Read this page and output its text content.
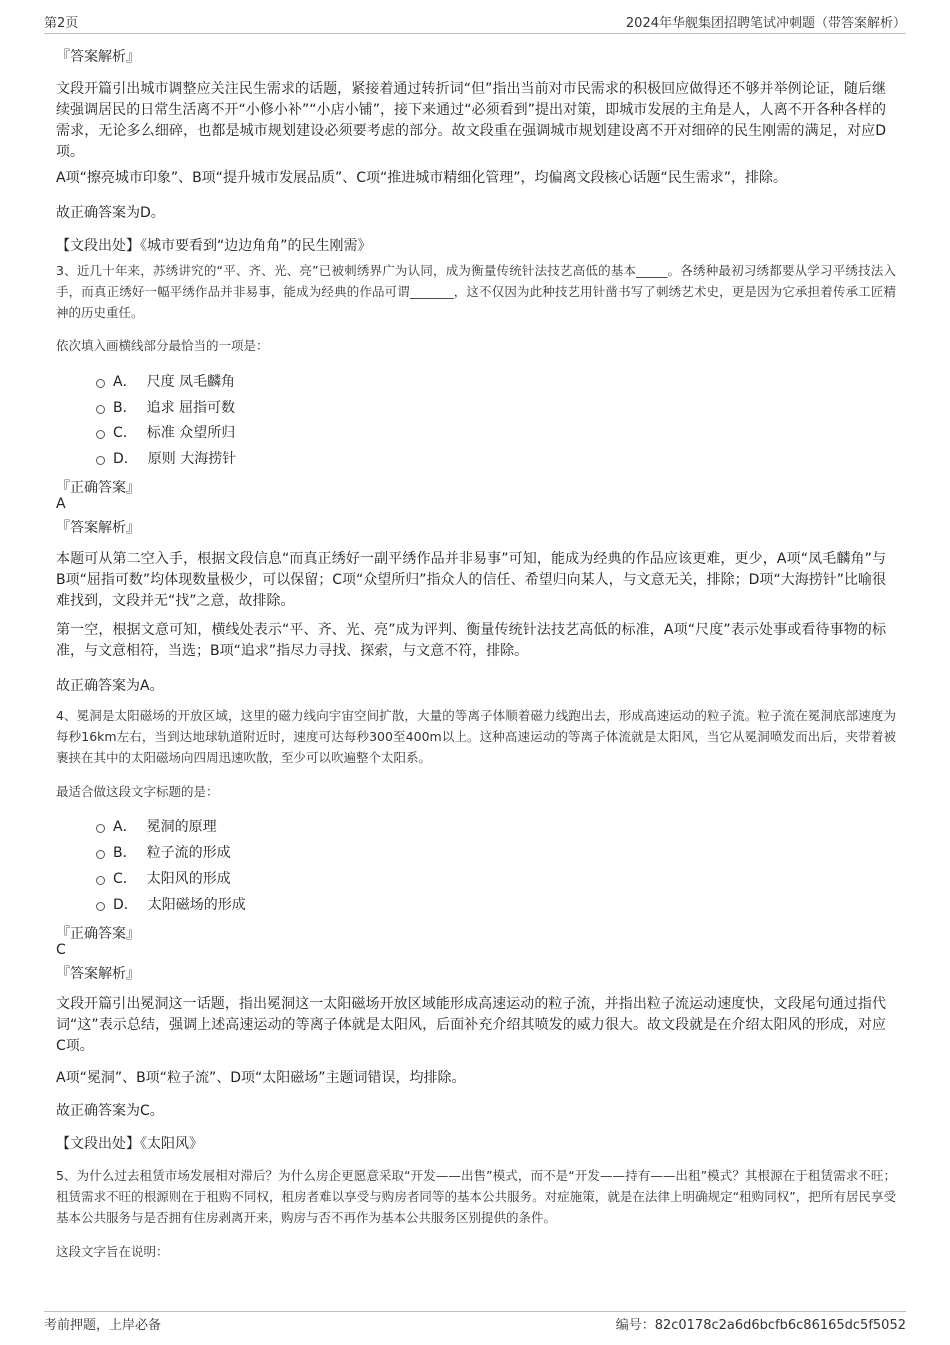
第2页	2024年华舰集团招聘笔试冲刺题（带答案解析）
『答案解析』
文段开篇引出城市调整应关注民生需求的话题，紧接着通过转折词“但”指出当前对市民需求的积极回应做得还不够并举例论证，随后继续强调居民的日常生活离不开“小修小补”“小店小铺”，接下来通过“必须看到”提出对策，即城市发展的主角是人，人离不开各种各样的需求，无论多么细碎，也都是城市规划建设必须要考虑的部分。故文段重在强调城市规划建设离不开对细碎的民生刚需的满足，对应D项。
A项“擦亮城市印象”、B项“提升城市发展品质”、C项“推进城市精细化管理”，均偏离文段核心话题“民生需求”，排除。
故正确答案为D。
【文段出处】《城市要看到“边边角角”的民生刚需》
3、近几十年来，苏绣讲究的“平、齐、光、亮”已被刺绣界广为认同，成为衡量传统针法技艺高低的基本_____。各绣种最初习绣都要从学习平绣技法入手，而真正绣好一幅平绣作品并非易事，能成为经典的作品可谓_______，这不仅因为此种技艺用针凿书写了刺绣艺术史，更是因为它承担着传承工匠精神的历史重任。
依次填入画横线部分最恰当的一项是：
A． 尺度 凤毛麟角
B． 追求 屈指可数
C． 标准 众望所归
D． 原则 大海捞针
『正确答案』
A
『答案解析』
本题可从第二空入手，根据文段信息“而真正绣好一副平绣作品并非易事”可知，能成为经典的作品应该更难，更少，A项“凤毛麟角”与B项“屈指可数”均体现数量极少，可以保留；C项“众望所归”指众人的信任、希望归向某人，与文意无关，排除；D项“大海捞针”比喻很难找到，文段并无“找”之意，故排除。
第一空，根据文意可知，横线处表示“平、齐、光、亮”成为评判、衡量传统针法技艺高低的标准，A项“尺度”表示处事或看待事物的标准，与文意相符，当选；B项“追求”指尽力寻找、探索，与文意不符，排除。
故正确答案为A。
4、冕洞是太阳磁场的开放区域，这里的磁力线向宇宙空间扩散，大量的等离子体顺着磁力线跑出去，形成高速运动的粒子流。粒子流在冕洞底部速度为每秒16km左右，当到达地球轨道附近时，速度可达每秒300至400m以上。这种高速运动的等离子体流就是太阳风，当它从冕洞喷发而出后，夹带着被裹挟在其中的太阳磁场向四周迅速吹散，至少可以吹遍整个太阳系。
最适合做这段文字标题的是：
A． 冕洞的原理
B． 粒子流的形成
C． 太阳风的形成
D． 太阳磁场的形成
『正确答案』
C
『答案解析』
文段开篇引出冕洞这一话题，指出冕洞这一太阳磁场开放区域能形成高速运动的粒子流，并指出粒子流运动速度快，文段尾句通过指代词“这”表示总结，强调上述高速运动的等离子体就是太阳风，后面补充介绍其喷发的威力很大。故文段就是在介绍太阳风的形成，对应C项。
A项“冕洞”、B项“粒子流”、D项“太阳磁场”主题词错误，均排除。
故正确答案为C。
【文段出处】《太阳风》
5、为什么过去租赁市场发展相对滞后？为什么房企更愿意采取“开发——出售”模式，而不是“开发——持有——出租”模式？其根源在于租赁需求不旺；租赁需求不旺的根源则在于租购不同权，租房者难以享受与购房者同等的基本公共服务。对症施策，就是在法律上明确规定“租购同权”，把所有居民享受基本公共服务与是否拥有住房剥离开来，购房与否不再作为基本公共服务区别提供的条件。
这段文字旨在说明：
考前押题，上岸必备	编号：82c0178c2a6d6bcfb6c86165dc5f5052
